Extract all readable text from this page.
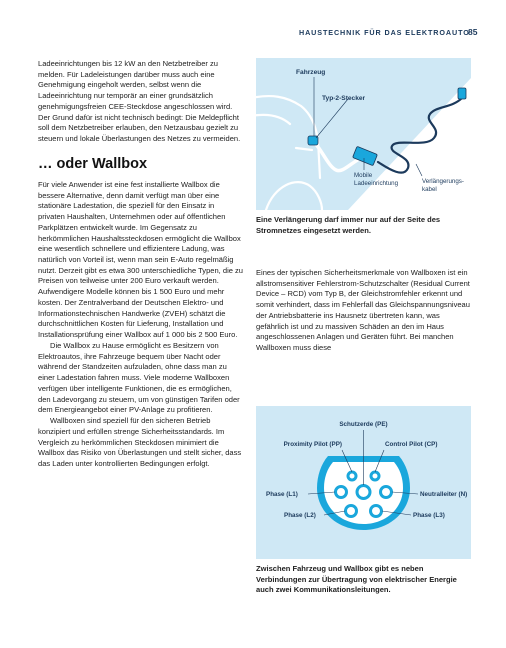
HAUSTECHNIK FÜR DAS ELEKTROAUTO
85

Ladeeinrichtungen bis 12 kW an den Netzbetreiber zu melden. Für Ladeleistungen darüber muss auch eine Genehmigung eingeholt werden, selbst wenn die Ladeeinrichtung nur temporär an einer grundsätzlich genehmigungsfreien CEE-Steckdose angeschlossen wird. Der Grund dafür ist nicht technisch bedingt: Die Meldepflicht soll dem Netzbetreiber erlauben, den Netzausbau gezielt zu steuern und lokale Überlastungen des Netzes zu vermeiden.

… oder Wallbox

Für viele Anwender ist eine fest installierte Wallbox die bessere Alternative, denn damit verfügt man über eine stationäre Ladestation, die speziell für den Einsatz in privaten Haushalten, Unternehmen oder auf öffentlichen Parkplätzen entwickelt wurde. Im Gegensatz zu herkömmlichen Haushaltssteckdosen ermöglicht die Wallbox eine wesentlich schnellere und effizientere Ladung, was natürlich von Vorteil ist, wenn man sein E-Auto regelmäßig nutzt. Derzeit gibt es etwa 300 unterschiedliche Typen, die zu Preisen von teilweise unter 200 Euro verkauft werden. Aufwendigere Modelle können bis 1 500 Euro und mehr kosten. Der Zentralverband der Deutschen Elektro- und Informationstechnischen Handwerke (ZVEH) schätzt die durchschnittlichen Kosten für Lieferung, Installation und Installationsprüfung einer Wallbox auf 1 000 bis 2 500 Euro.

Die Wallbox zu Hause ermöglicht es Besitzern von Elektroautos, ihre Fahrzeuge bequem über Nacht oder während der Standzeiten aufzuladen, ohne dass man zu einer Ladestation fahren muss. Viele moderne Wallboxen verfügen über intelligente Funktionen, die es ermöglichen, den Ladevorgang zu steuern, um von günstigen Tarifen oder dem Energieangebot einer PV-Anlage zu profitieren.

Wallboxen sind speziell für den sicheren Betrieb konzipiert und erfüllen strenge Sicherheitsstandards. Im Vergleich zu herkömmlichen Steckdosen minimiert die Wallbox das Risiko von Überlastungen und stellt sicher, dass das Laden unter kontrollierten Bedingungen erfolgt.

Fahrzeug
Typ-2-Stecker
Mobile
Ladeeinrichtung	Verlängerungs-
kabel

Eine Verlängerung darf immer nur auf der Seite des Stromnetzes eingesetzt werden.

Eines der typischen Sicherheitsmerkmale von Wallboxen ist ein allstromsensitiver Fehlerstrom-Schutzschalter (Residual Current Device – RCD) vom Typ B, der Gleichstromfehler erkennt und somit verhindert, dass im Fehlerfall das Gleichspannungsniveau der Antriebsbatterie ins Hausnetz übertreten kann, was gefährlich ist und zu massiven Schäden an den im Haus angeschlossenen Anlagen und Geräten führt. Bei manchen Wallboxen muss diese

Schutzerde (PE)
Proximity Pilot (PP)	Control Pilot (CP)
Phase (L1)	Neutralleiter (N)
Phase (L2)	Phase (L3)

Zwischen Fahrzeug und Wallbox gibt es neben Verbindungen zur Übertragung von elektrischer Energie auch zwei Kommunikationsleitungen.
